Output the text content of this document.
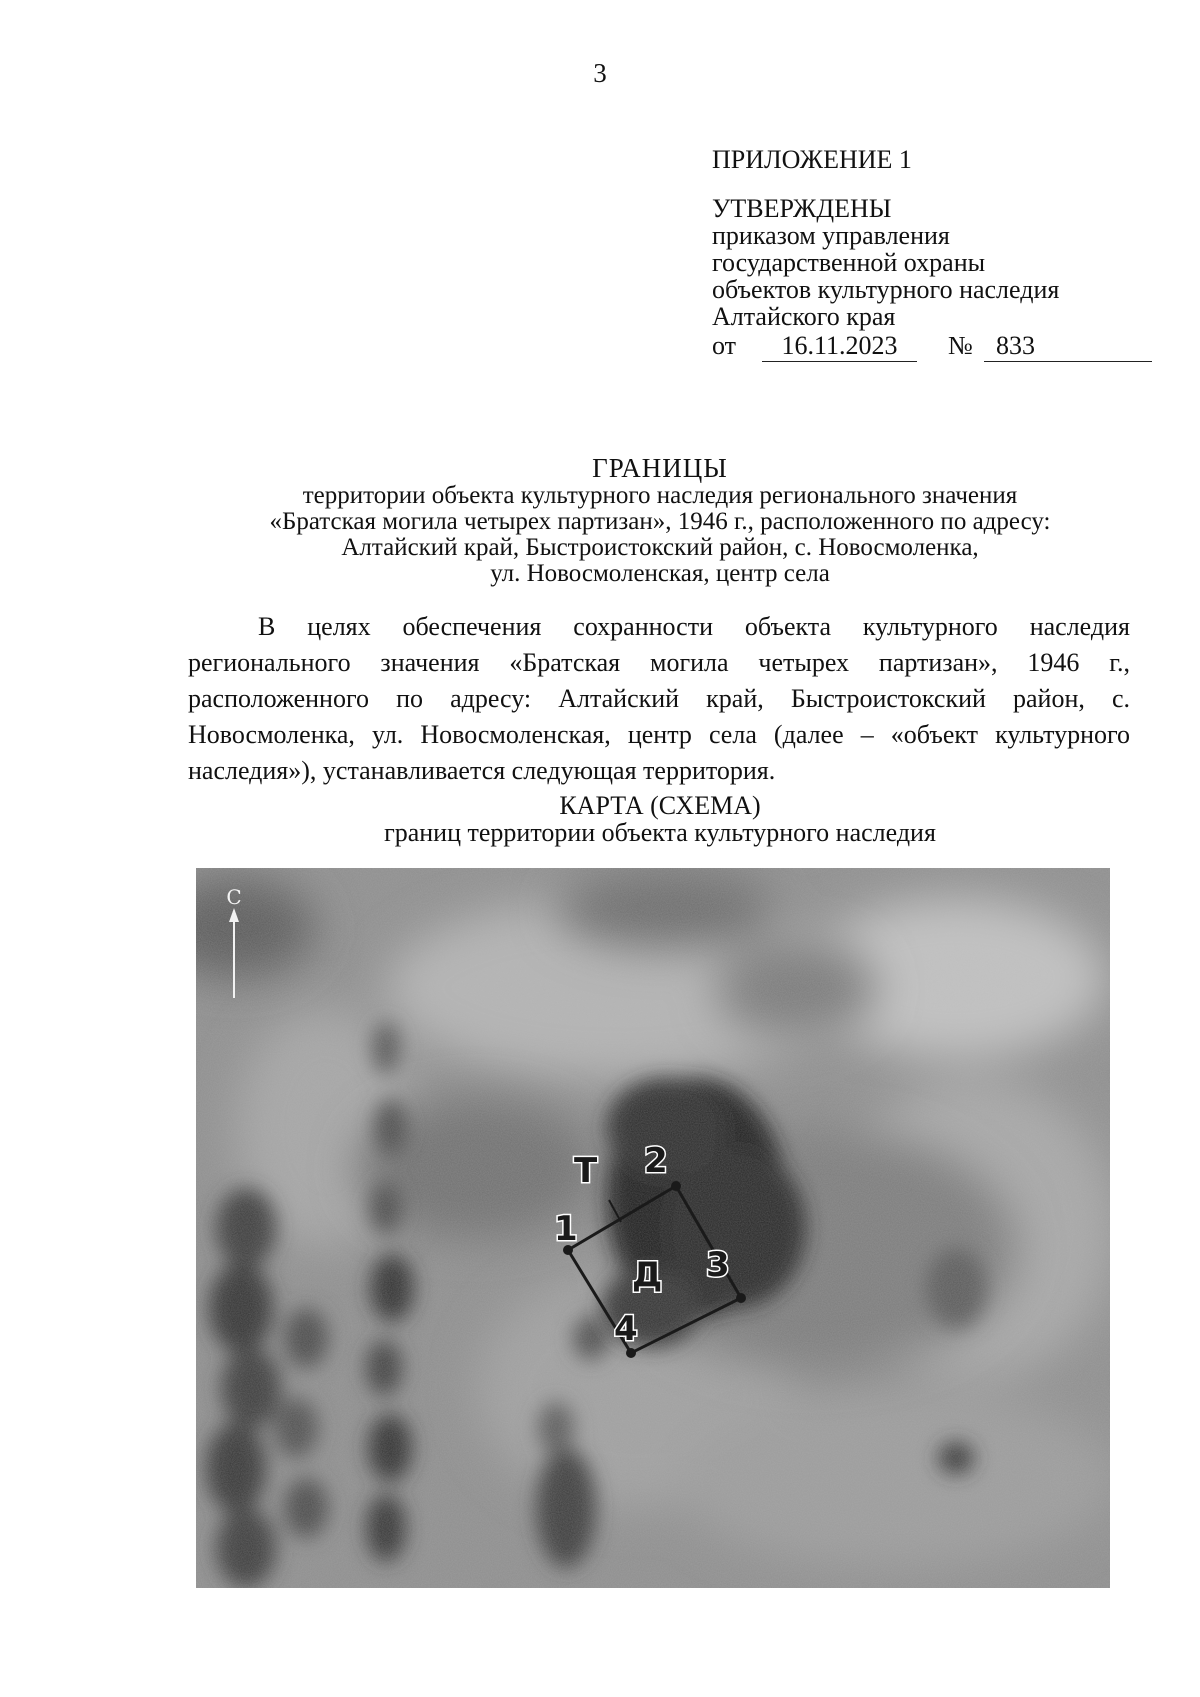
3
ПРИЛОЖЕНИЕ 1
УТВЕРЖДЕНЫ
приказом управления
государственной охраны
объектов культурного наследия
Алтайского края
от	16.11.2023	№ 833
ГРАНИЦЫ
территории объекта культурного наследия регионального значения
«Братская могила четырех партизан», 1946 г., расположенного по адресу:
Алтайский край, Быстроистокский район, с. Новосмоленка,
ул. Новосмоленская, центр села
В целях обеспечения сохранности объекта культурного наследия регионального значения «Братская могила четырех партизан», 1946 г., расположенного по адресу: Алтайский край, Быстроистокский район, с. Новосмоленка, ул. Новосмоленская, центр села (далее – «объект культурного наследия»), устанавливается следующая территория.
КАРТА (СХЕМА)
границ территории объекта культурного наследия
С
Т 2
1
Д 3
4
